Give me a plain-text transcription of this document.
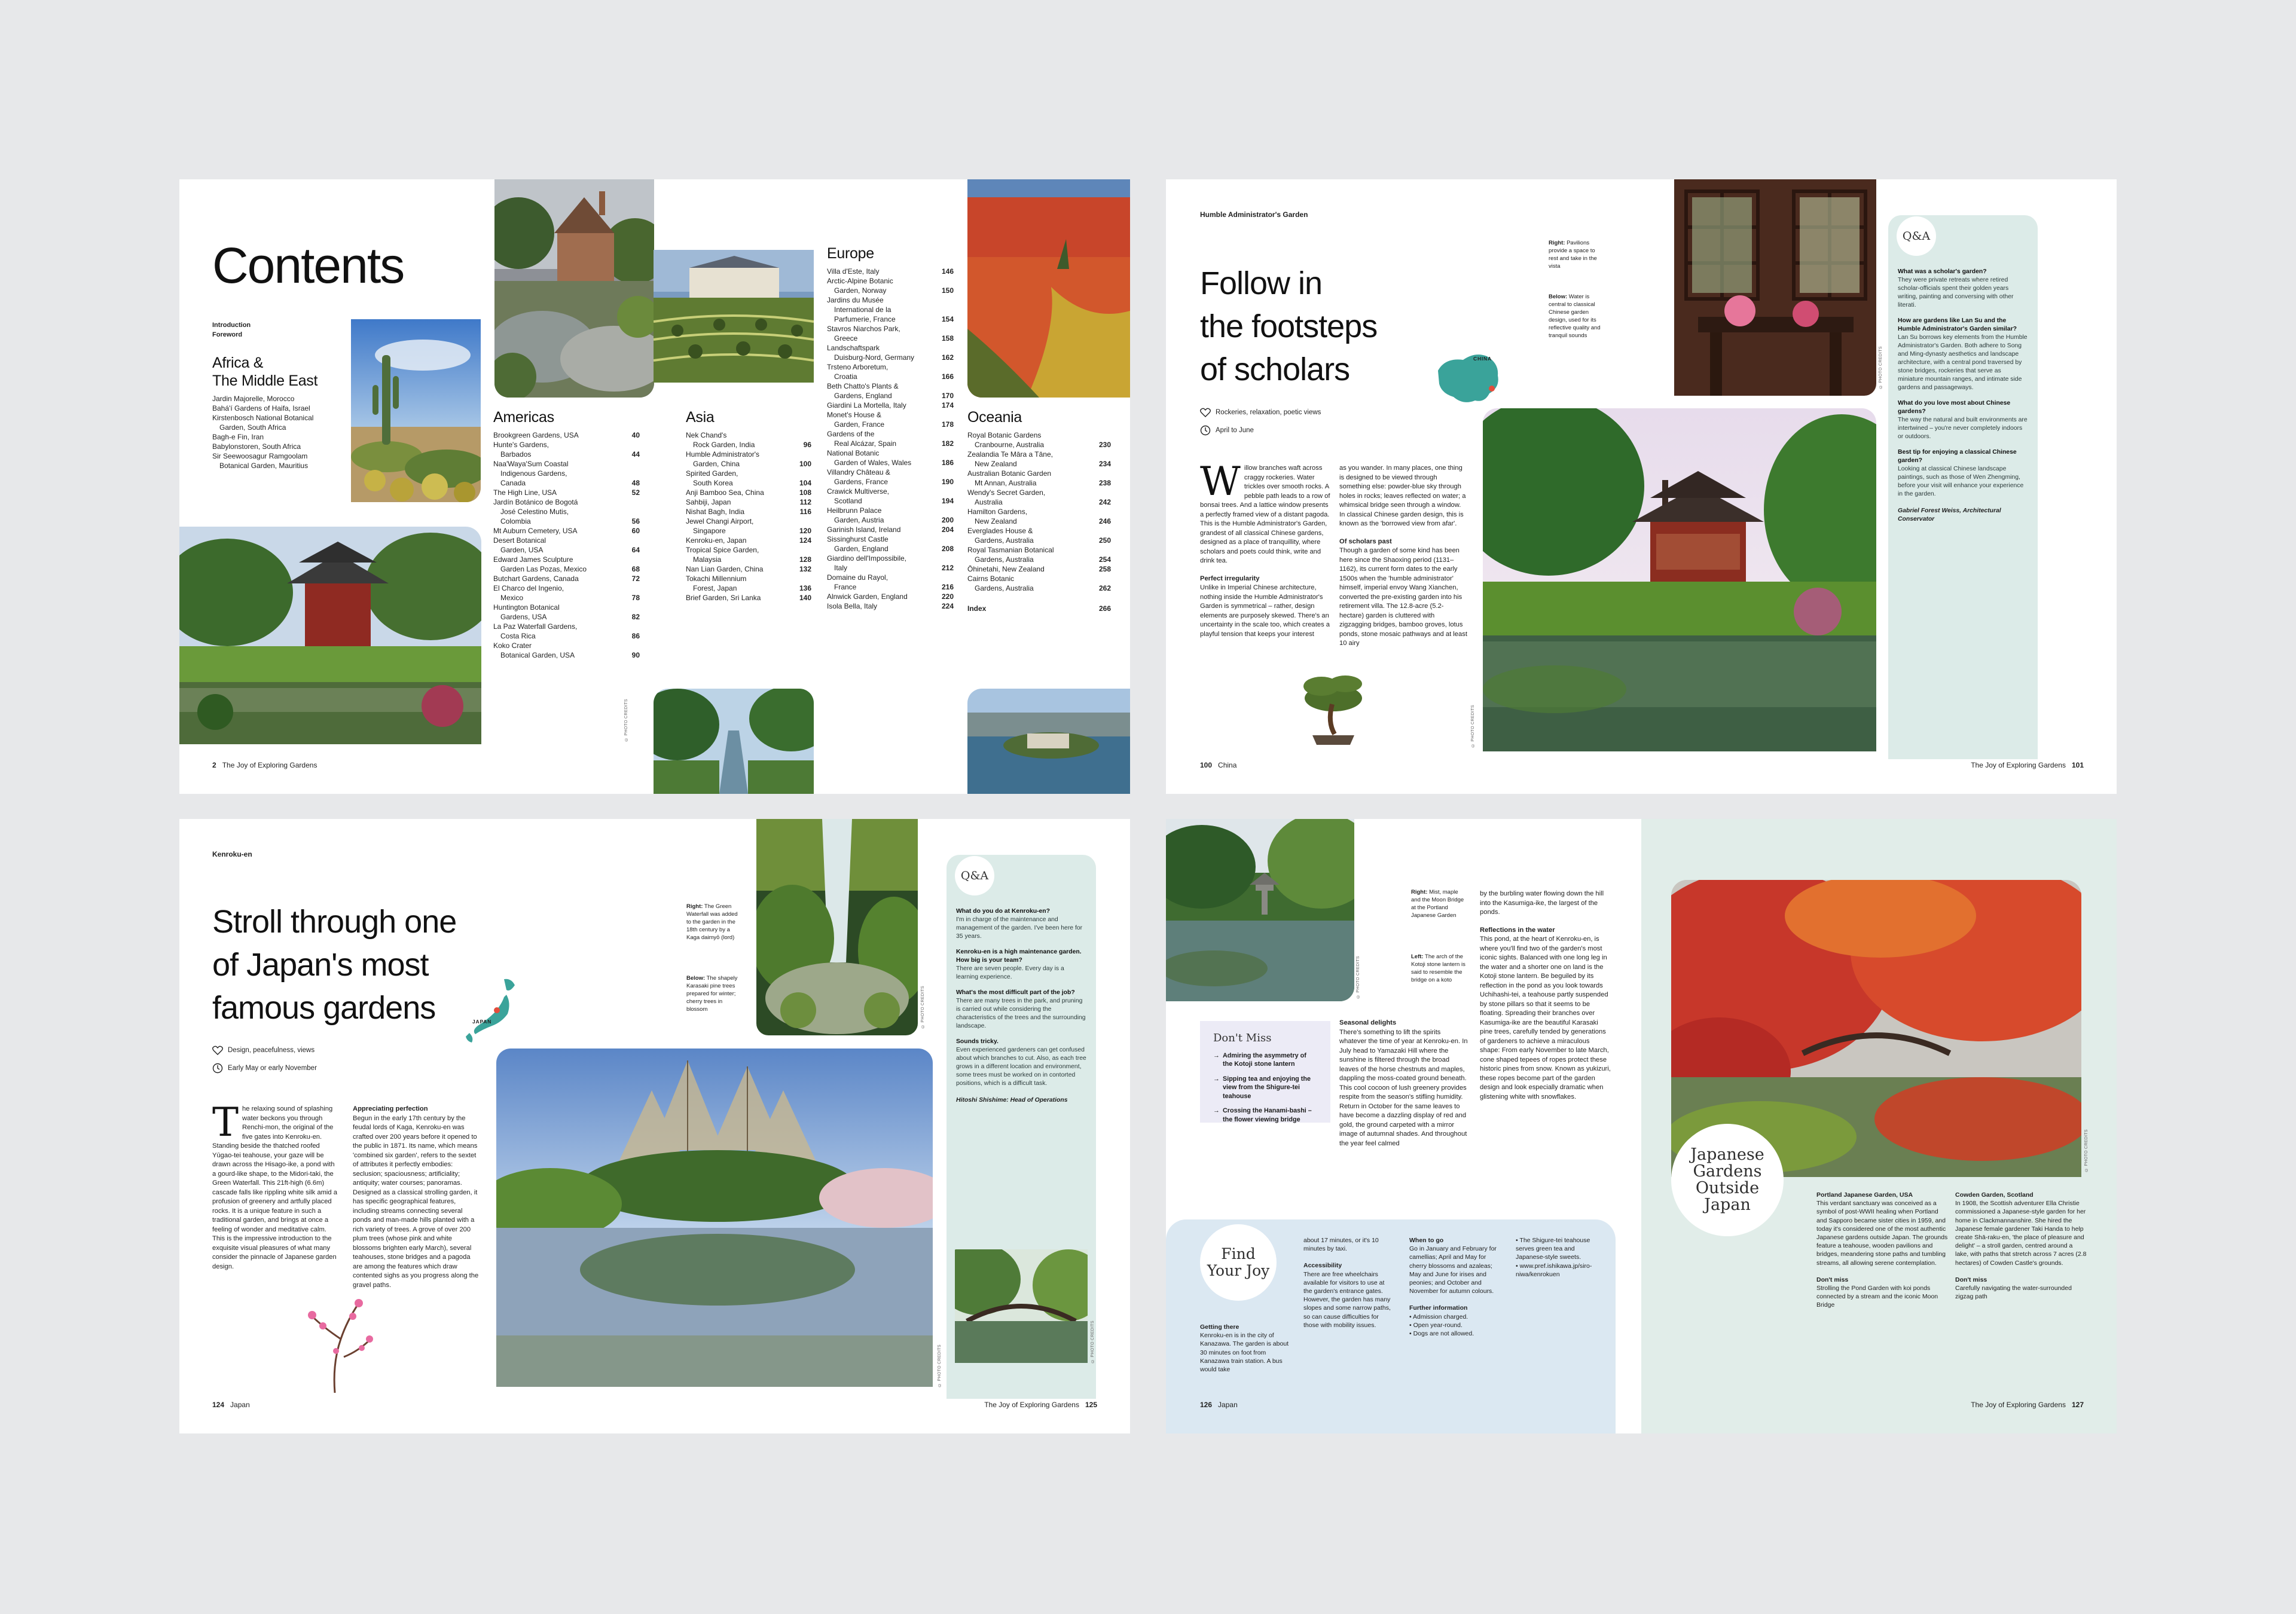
Contents
Introduction
Foreword
Africa &
The Middle East
Jardin Majorelle, Morocco
Bahá'í Gardens of Haifa, Israel
Kirstenbosch National Botanical
Garden, South Africa
Bagh-e Fin, Iran
Babylonstoren, South Africa
Sir Seewoosagur Ramgoolam
Botanical Garden, Mauritius
© PHOTO CREDITS
Americas
Brookgreen Gardens, USA	40
Hunte's Gardens,
Barbados	44
Naa'Waya'Sum Coastal
Indigenous Gardens,
Canada	48
The High Line, USA	52
Jardín Botánico de Bogotá
José Celestino Mutis,
Colombia	56
Mt Auburn Cemetery, USA	60
Desert Botanical
Garden, USA	64
Edward James Sculpture
Garden Las Pozas, Mexico	68
Butchart Gardens, Canada	72
El Charco del Ingenio,
Mexico	78
Huntington Botanical
Gardens, USA	82
La Paz Waterfall Gardens,
Costa Rica	86
Koko Crater
Botanical Garden, USA	90
Asia
Nek Chand's
Rock Garden, India	96
Humble Administrator's
Garden, China	100
Spirited Garden,
South Korea	104
Anji Bamboo Sea, China	108
Sahbiji, Japan	112
Nishat Bagh, India	116
Jewel Changi Airport,
Singapore	120
Kenroku-en, Japan	124
Tropical Spice Garden,
Malaysia	128
Nan Lian Garden, China	132
Tokachi Millennium
Forest, Japan	136
Brief Garden, Sri Lanka	140
Europe
Villa d'Este, Italy	146
Arctic-Alpine Botanic
Garden, Norway	150
Jardins du Musée
International de la
Parfumerie, France	154
Stavros Niarchos Park,
Greece	158
Landschaftspark
Duisburg-Nord, Germany	162
Trsteno Arboretum,
Croatia	166
Beth Chatto's Plants &
Gardens, England	170
Giardini La Mortella, Italy	174
Monet's House &
Garden, France	178
Gardens of the
Real Alcázar, Spain	182
National Botanic
Garden of Wales, Wales	186
Villandry Château &
Gardens, France	190
Crawick Multiverse,
Scotland	194
Heilbrunn Palace
Garden, Austria	200
Garinish Island, Ireland	204
Sissinghurst Castle
Garden, England	208
Giardino dell'Impossibile,
Italy	212
Domaine du Rayol,
France	216
Alnwick Garden, England	220
Isola Bella, Italy	224
Oceania
Royal Botanic Gardens
Cranbourne, Australia	230
Zealandia Te Māra a Tāne,
New Zealand	234
Australian Botanic Garden
Mt Annan, Australia	238
Wendy's Secret Garden,
Australia	242
Hamilton Gardens,
New Zealand	246
Everglades House &
Gardens, Australia	250
Royal Tasmanian Botanical
Gardens, Australia	254
Ōhinetahi, New Zealand	258
Cairns Botanic
Gardens, Australia	262
Index	266
2 The Joy of Exploring Gardens
Humble Administrator's Garden
Follow in
the footsteps
of scholars	CHINA
Rockeries, relaxation, poetic views
April to June
Willow branches waft across craggy rockeries. Water trickles over smooth rocks. A pebble path leads to a row of bonsai trees. And a lattice window presents a perfectly framed view of a distant pagoda. This is the Humble Administrator's Garden, grandest of all classical Chinese gardens, designed as a place of tranquillity, where scholars and poets could think, write and drink tea.

Perfect irregularity

Unlike in Imperial Chinese architecture, nothing inside the Humble Administrator's Garden is symmetrical – rather, design elements are purposely skewed. There's an uncertainty in the scale too, which creates a playful tension that keeps your interest

as you wander. In many places, one thing is designed to be viewed through something else: powder-blue sky through holes in rocks; leaves reflected on water; a whimsical bridge seen through a window. In classical Chinese garden design, this is known as the 'borrowed view from afar'.

Of scholars past

Though a garden of some kind has been here since the Shaoxing period (1131–1162), its current form dates to the early 1500s when the 'humble administrator' himself, imperial envoy Wang Xianchen, converted the pre-existing garden into his retirement villa. The 12.8-acre (5.2-hectare) garden is cluttered with zigzagging bridges, bamboo groves, lotus ponds, stone mosaic pathways and at least 10 airy

Right: Pavilions provide a space to rest and take in the vista
Below: Water is central to classical Chinese garden design, used for its reflective quality and tranquil sounds
© PHOTO CREDITS
© PHOTO CREDITS
What was a scholar's garden?
They were private retreats where retired scholar-officials spent their golden years writing, painting and conversing with other literati.
How are gardens like Lan Su and the Humble Administrator's Garden similar?
Lan Su borrows key elements from the Humble Administrator's Garden. Both adhere to Song and Ming-dynasty aesthetics and landscape architecture, with a central pond traversed by stone bridges, rockeries that serve as miniature mountain ranges, and intimate side gardens and passageways.
What do you love most about Chinese gardens?
The way the natural and built environments are intertwined – you're never completely indoors or outdoors.
Best tip for enjoying a classical Chinese garden?
Looking at classical Chinese landscape paintings, such as those of Wen Zhengming, before your visit will enhance your experience in the garden.
Gabriel Forest Weiss, Architectural Conservator
Q&A
100 China	The Joy of Exploring Gardens 101
Kenroku-en
Stroll through one
of Japan's most
famous gardens	JAPAN
Design, peacefulness, views
Early May or early November
The relaxing sound of splashing water beckons you through Renchi-mon, the original of the five gates into Kenroku-en. Standing beside the thatched roofed Yūgao-tei teahouse, your gaze will be drawn across the Hisago-ike, a pond with a gourd-like shape, to the Midori-taki, the Green Waterfall. This 21ft-high (6.6m) cascade falls like rippling white silk amid a profusion of greenery and artfully placed rocks. It is a unique feature in such a traditional garden, and brings at once a feeling of wonder and meditative calm. This is the impressive introduction to the exquisite visual pleasures of what many consider the pinnacle of Japanese garden design.

Appreciating perfection

Begun in the early 17th century by the feudal lords of Kaga, Kenroku-en was crafted over 200 years before it opened to the public in 1871. Its name, which means 'combined six garden', refers to the sextet of attributes it perfectly embodies: seclusion; spaciousness; artificiality; antiquity; water courses; panoramas. Designed as a classical strolling garden, it has specific geographical features, including streams connecting several ponds and man-made hills planted with a rich variety of trees. A grove of over 200 plum trees (whose pink and white blossoms brighten early March), several teahouses, stone bridges and a pagoda are among the features which draw contented sighs as you progress along the gravel paths.

Right: The Green Waterfall was added to the garden in the 18th century by a Kaga daimyō (lord)
Below: The shapely Karasaki pine trees prepared for winter; cherry trees in blossom	© PHOTO CREDITS
© PHOTO CREDITS
What do you do at Kenroku-en?
I'm in charge of the maintenance and management of the garden. I've been here for 35 years.
Kenroku-en is a high maintenance garden. How big is your team?
There are seven people. Every day is a learning experience.
What's the most difficult part of the job?
There are many trees in the park, and pruning is carried out while considering the characteristics of the trees and the surrounding landscape.
Sounds tricky.
Even experienced gardeners can get confused about which branches to cut. Also, as each tree grows in a different location and environment, some trees must be worked on in contorted positions, which is a difficult task.
Hitoshi Shishime: Head of Operations
Q&A
© PHOTO CREDITS
124 Japan	The Joy of Exploring Gardens 125
© PHOTO CREDITS
Right: Mist, maple and the Moon Bridge at the Portland Japanese Garden
Left: The arch of the Kotoji stone lantern is said to resemble the bridge on a koto
Don't Miss
→ Admiring the asymmetry of the Kotoji stone lantern
→ Sipping tea and enjoying the view from the Shigure-tei teahouse
→ Crossing the Hanami-bashi – the flower viewing bridge

Seasonal delights

There's something to lift the spirits whatever the time of year at Kenroku-en. In July head to Yamazaki Hill where the sunshine is filtered through the broad leaves of the horse chestnuts and maples, dappling the moss-coated ground beneath. This cool cocoon of lush greenery provides respite from the season's stifling humidity. Return in October for the same leaves to have become a dazzling display of red and gold, the ground carpeted with a mirror image of autumnal shades. And throughout the year feel calmed

by the burbling water flowing down the hill into the Kasumiga-ike, the largest of the ponds.

Reflections in the water

This pond, at the heart of Kenroku-en, is where you'll find two of the garden's most iconic sights. Balanced with one long leg in the water and a shorter one on land is the Kotoji stone lantern. Be beguiled by its reflection in the pond as you look towards Uchihashi-tei, a teahouse partly suspended by stone pillars so that it seems to be floating. Spreading their branches over Kasumiga-ike are the beautiful Karasaki pine trees, carefully tended by generations of gardeners to achieve a miraculous shape: From early November to late March, cone shaped tepees of ropes protect these historic pines from snow. Known as yukizuri, these ropes become part of the garden design and look especially dramatic when glistening white with snowflakes.

Find
Your Joy
Getting there
Kenroku-en is in the city of Kanazawa. The garden is about 30 minutes on foot from Kanazawa train station. A bus would take
about 17 minutes, or it's 10 minutes by taxi.
Accessibility
There are free wheelchairs available for visitors to use at the garden's entrance gates. However, the garden has many slopes and some narrow paths, so can cause difficulties for those with mobility issues.
When to go
Go in January and February for camellias; April and May for cherry blossoms and azaleas; May and June for irises and peonies; and October and November for autumn colours.
Further information
• Admission charged.
• Open year-round.
• Dogs are not allowed.
• The Shigure-tei teahouse serves green tea and Japanese-style sweets.
• www.pref.ishikawa.jp/siro-niwa/kenrokuen
© PHOTO CREDITS
Japanese
Gardens
Outside
Japan
Portland Japanese Garden, USA
This verdant sanctuary was conceived as a symbol of post-WWII healing when Portland and Sapporo became sister cities in 1959, and today it's considered one of the most authentic Japanese gardens outside Japan. The grounds feature a teahouse, wooden pavilions and bridges, meandering stone paths and tumbling streams, all allowing serene contemplation.
Don't miss
Strolling the Pond Garden with koi ponds connected by a stream and the iconic Moon Bridge
Cowden Garden, Scotland
In 1908, the Scottish adventurer Ella Christie commissioned a Japanese-style garden for her home in Clackmannanshire. She hired the Japanese female gardener Taki Handa to help create Shā-raku-en, 'the place of pleasure and delight' – a stroll garden, centred around a lake, with paths that stretch across 7 acres (2.8 hectares) of Cowden Castle's grounds.
Don't miss
Carefully navigating the water-surrounded zigzag path
126 Japan	The Joy of Exploring Gardens 127
